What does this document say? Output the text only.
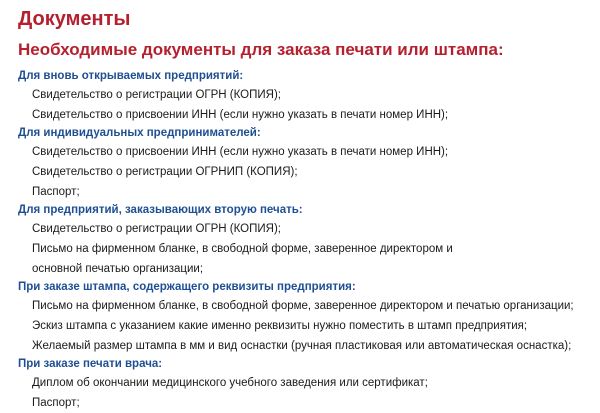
Документы
Необходимые документы для заказа печати или штампа:
Для вновь открываемых предприятий:
Свидетельство о регистрации ОГРН (КОПИЯ);
Свидетельство о присвоении ИНН (если нужно указать в печати номер ИНН);
Для индивидуальных предпринимателей:
Свидетельство о присвоении ИНН (если нужно указать в печати номер ИНН);
Свидетельство о регистрации ОГРНИП (КОПИЯ);
Паспорт;
Для предприятий, заказывающих вторую печать:
Свидетельство о регистрации ОГРН (КОПИЯ);
Письмо на фирменном бланке, в свободной форме, заверенное директором и
основной печатью организации;
При заказе штампа, содержащего реквизиты предприятия:
Письмо на фирменном бланке, в свободной форме, заверенное директором и печатью организации;
Эскиз штампа с указанием какие именно реквизиты нужно поместить в штамп предприятия;
Желаемый размер штампа в мм и вид оснастки (ручная пластиковая или автоматическая оснастка);
При заказе печати врача:
Диплом об окончании медицинского учебного заведения или сертификат;
Паспорт;
